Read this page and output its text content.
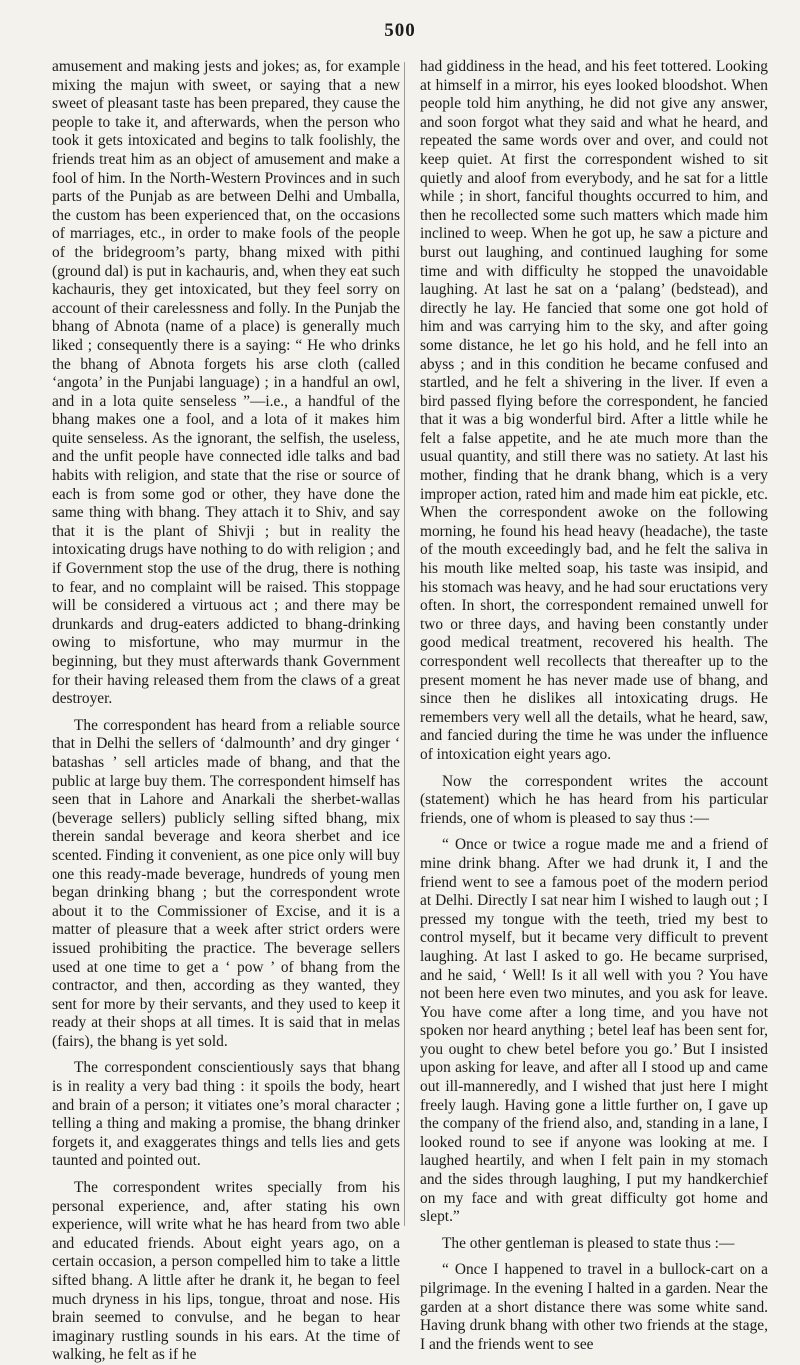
500

amusement and making jests and jokes; as, for example mixing the majun with sweet, or saying that a new sweet of pleasant taste has been prepared, they cause the people to take it, and afterwards, when the person who took it gets intoxicated and begins to talk foolishly, the friends treat him as an object of amusement and make a fool of him. In the North-Western Provinces and in such parts of the Punjab as are between Delhi and Umballa, the custom has been experienced that, on the occasions of marriages, etc., in order to make fools of the people of the bridegroom’s party, bhang mixed with pithi (ground dal) is put in kachauris, and, when they eat such kachauris, they get intoxicated, but they feel sorry on account of their carelessness and folly. In the Punjab the bhang of Abnota (name of a place) is generally much liked ; consequently there is a saying: “ He who drinks the bhang of Abnota forgets his arse cloth (called ‘angota’ in the Punjabi language) ; in a handful an owl, and in a lota quite senseless ”—i.e., a handful of the bhang makes one a fool, and a lota of it makes him quite senseless. As the ignorant, the selfish, the useless, and the unfit people have connected idle talks and bad habits with religion, and state that the rise or source of each is from some god or other, they have done the same thing with bhang. They attach it to Shiv, and say that it is the plant of Shivji ; but in reality the intoxicating drugs have nothing to do with religion ; and if Government stop the use of the drug, there is nothing to fear, and no complaint will be raised. This stoppage will be considered a virtuous act ; and there may be drunkards and drug-eaters addicted to bhang-drinking owing to misfortune, who may murmur in the beginning, but they must afterwards thank Government for their having released them from the claws of a great destroyer.

The correspondent has heard from a reliable source that in Delhi the sellers of ‘dalmounth’ and dry ginger ‘ batashas ’ sell articles made of bhang, and that the public at large buy them. The correspondent himself has seen that in Lahore and Anarkali the sherbet-wallas (beverage sellers) publicly selling sifted bhang, mix therein sandal beverage and keora sherbet and ice scented. Finding it convenient, as one pice only will buy one this ready-made beverage, hundreds of young men began drinking bhang ; but the correspondent wrote about it to the Commissioner of Excise, and it is a matter of pleasure that a week after strict orders were issued prohibiting the practice. The beverage sellers used at one time to get a ‘ pow ’ of bhang from the contractor, and then, according as they wanted, they sent for more by their servants, and they used to keep it ready at their shops at all times. It is said that in melas (fairs), the bhang is yet sold.

The correspondent conscientiously says that bhang is in reality a very bad thing : it spoils the body, heart and brain of a person; it vitiates one’s moral character ; telling a thing and making a promise, the bhang drinker forgets it, and exaggerates things and tells lies and gets taunted and pointed out.

The correspondent writes specially from his personal experience, and, after stating his own experience, will write what he has heard from two able and educated friends. About eight years ago, on a certain occasion, a person compelled him to take a little sifted bhang. A little after he drank it, he began to feel much dryness in his lips, tongue, throat and nose. His brain seemed to convulse, and he began to hear imaginary rustling sounds in his ears. At the time of walking, he felt as if he

had giddiness in the head, and his feet tottered. Looking at himself in a mirror, his eyes looked bloodshot. When people told him anything, he did not give any answer, and soon forgot what they said and what he heard, and repeated the same words over and over, and could not keep quiet. At first the correspondent wished to sit quietly and aloof from everybody, and he sat for a little while ; in short, fanciful thoughts occurred to him, and then he recollected some such matters which made him inclined to weep. When he got up, he saw a picture and burst out laughing, and continued laughing for some time and with difficulty he stopped the unavoidable laughing. At last he sat on a ‘palang’ (bedstead), and directly he lay. He fancied that some one got hold of him and was carrying him to the sky, and after going some distance, he let go his hold, and he fell into an abyss ; and in this condition he became confused and startled, and he felt a shivering in the liver. If even a bird passed flying before the correspondent, he fancied that it was a big wonderful bird. After a little while he felt a false appetite, and he ate much more than the usual quantity, and still there was no satiety. At last his mother, finding that he drank bhang, which is a very improper action, rated him and made him eat pickle, etc. When the correspondent awoke on the following morning, he found his head heavy (headache), the taste of the mouth exceedingly bad, and he felt the saliva in his mouth like melted soap, his taste was insipid, and his stomach was heavy, and he had sour eructations very often. In short, the correspondent remained unwell for two or three days, and having been constantly under good medical treatment, recovered his health. The correspondent well recollects that thereafter up to the present moment he has never made use of bhang, and since then he dislikes all intoxicating drugs. He remembers very well all the details, what he heard, saw, and fancied during the time he was under the influence of intoxication eight years ago.

Now the correspondent writes the account (statement) which he has heard from his particular friends, one of whom is pleased to say thus :—

“ Once or twice a rogue made me and a friend of mine drink bhang. After we had drunk it, I and the friend went to see a famous poet of the modern period at Delhi. Directly I sat near him I wished to laugh out ; I pressed my tongue with the teeth, tried my best to control myself, but it became very difficult to prevent laughing. At last I asked to go. He became surprised, and he said, ‘ Well! Is it all well with you ? You have not been here even two minutes, and you ask for leave. You have come after a long time, and you have not spoken nor heard anything ; betel leaf has been sent for, you ought to chew betel before you go.’ But I insisted upon asking for leave, and after all I stood up and came out ill-manneredly, and I wished that just here I might freely laugh. Having gone a little further on, I gave up the company of the friend also, and, standing in a lane, I looked round to see if anyone was looking at me. I laughed heartily, and when I felt pain in my stomach and the sides through laughing, I put my handkerchief on my face and with great difficulty got home and slept.”

The other gentleman is pleased to state thus :—

“ Once I happened to travel in a bullock-cart on a pilgrimage. In the evening I halted in a garden. Near the garden at a short distance there was some white sand. Having drunk bhang with other two friends at the stage, I and the friends went to see
